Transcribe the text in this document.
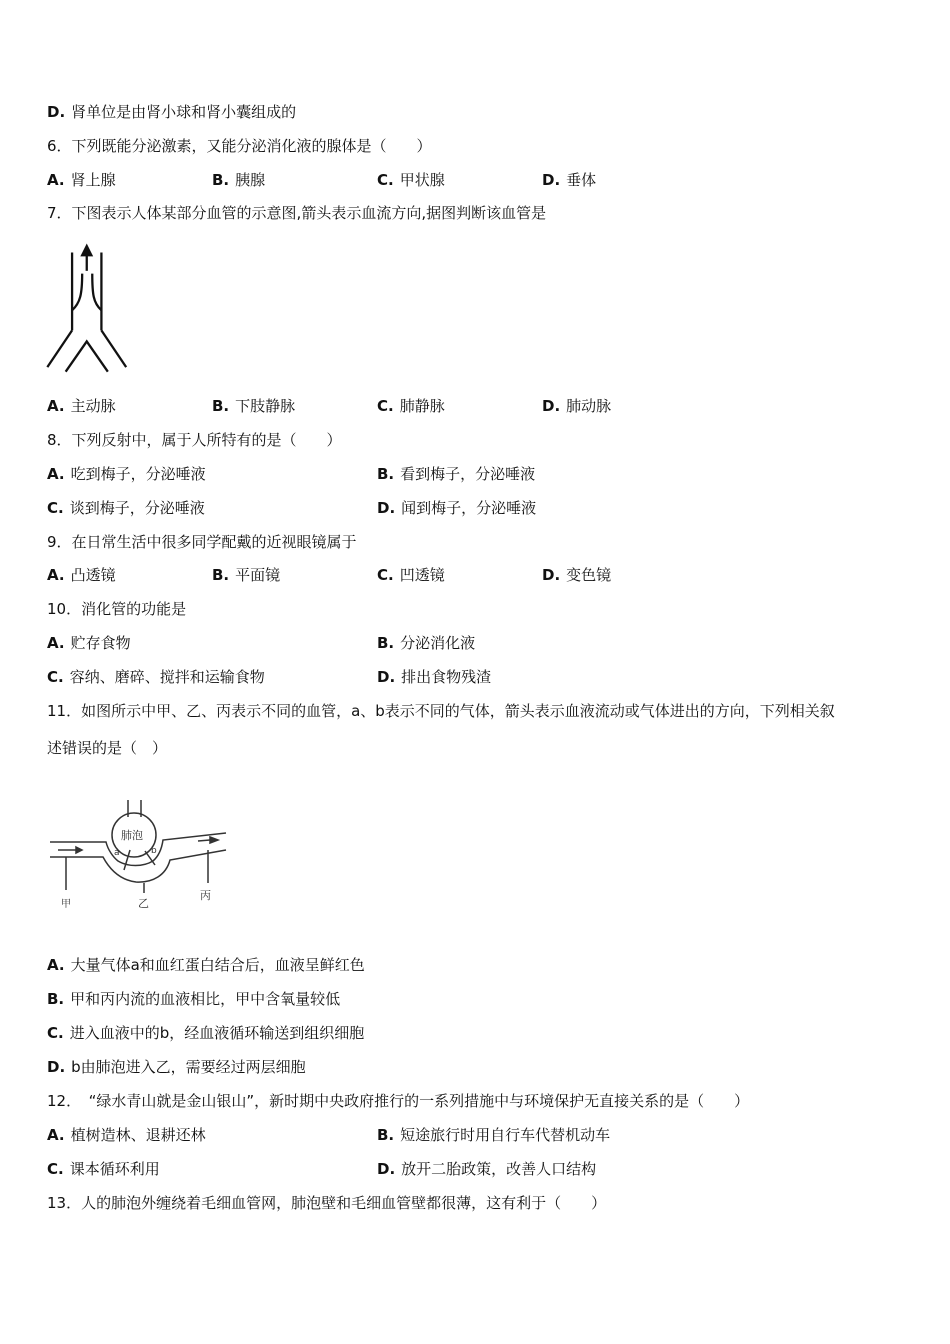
D. 肾单位是由肾小球和肾小囊组成的
6．下列既能分泌激素，又能分泌消化液的腺体是（　　）
A. 肾上腺	B. 胰腺	C. 甲状腺	D. 垂体
7．下图表示人体某部分血管的示意图,箭头表示血流方向,据图判断该血管是
A. 主动脉	B. 下肢静脉	C. 肺静脉	D. 肺动脉
8．下列反射中，属于人所特有的是（　　）
A. 吃到梅子，分泌唾液	B. 看到梅子，分泌唾液
C. 谈到梅子，分泌唾液	D. 闻到梅子，分泌唾液
9．在日常生活中很多同学配戴的近视眼镜属于
A. 凸透镜	B. 平面镜	C. 凹透镜	D. 变色镜
10．消化管的功能是
A. 贮存食物	B. 分泌消化液
C. 容纳、磨碎、搅拌和运输食物	D. 排出食物残渣
11．如图所示中甲、乙、丙表示不同的血管，a、b表示不同的气体，箭头表示血液流动或气体进出的方向，下列相关叙
述错误的是（　）
肺泡
a	b
甲	乙
丙
A. 大量气体a和血红蛋白结合后，血液呈鲜红色
B. 甲和丙内流的血液相比，甲中含氧量较低
C. 进入血液中的b，经血液循环输送到组织细胞
D. b由肺泡进入乙，需要经过两层细胞
12．　“绿水青山就是金山银山”，新时期中央政府推行的一系列措施中与环境保护无直接关系的是（　　）
A. 植树造林、退耕还林	B. 短途旅行时用自行车代替机动车
C. 课本循环利用	D. 放开二胎政策，改善人口结构
13．人的肺泡外缠绕着毛细血管网，肺泡壁和毛细血管壁都很薄，这有利于（　　）
